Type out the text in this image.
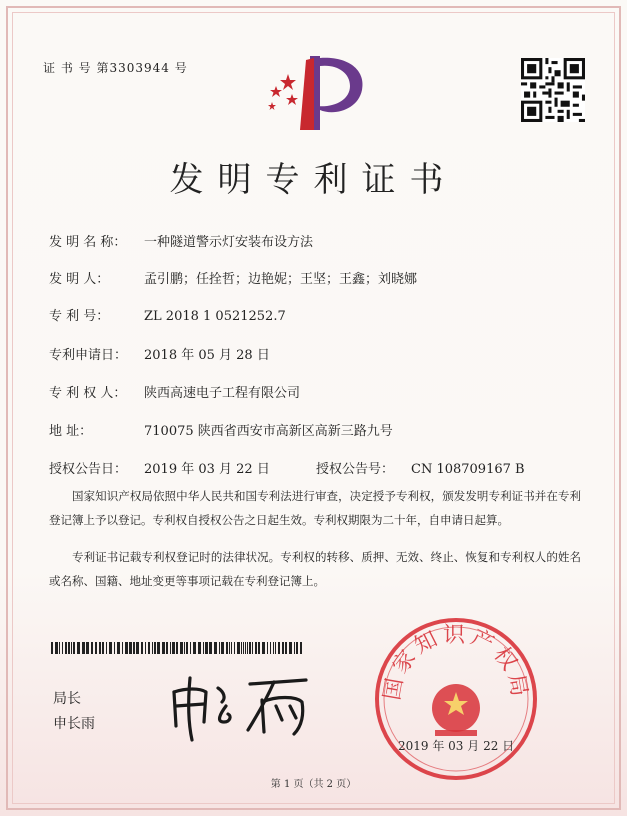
证 书 号 第3303944 号
发明专利证书
发 明 名 称： 一种隧道警示灯安装布设方法
发 明 人：	孟引鹏；任拴哲；边艳妮；王坚；王鑫；刘晓娜
专 利 号：	ZL 2018 1 0521252.7
专利申请日： 2018 年 05 月 28 日
专 利 权 人： 陕西高速电子工程有限公司
地 址：	710075 陕西省西安市高新区高新三路九号
授权公告日： 2019 年 03 月 22 日	授权公告号： CN 108709167 B
国家知识产权局依照中华人民共和国专利法进行审查，决定授予专利权，颁发发明专利证书并在专利登记簿上予以登记。专利权自授权公告之日起生效。专利权期限为二十年，自申请日起算。
专利证书记载专利权登记时的法律状况。专利权的转移、质押、无效、终止、恢复和专利权人的姓名或名称、国籍、地址变更等事项记载在专利登记簿上。
局长
申长雨
国家知识产权局
2019 年 03 月 22 日
第 1 页（共 2 页）
